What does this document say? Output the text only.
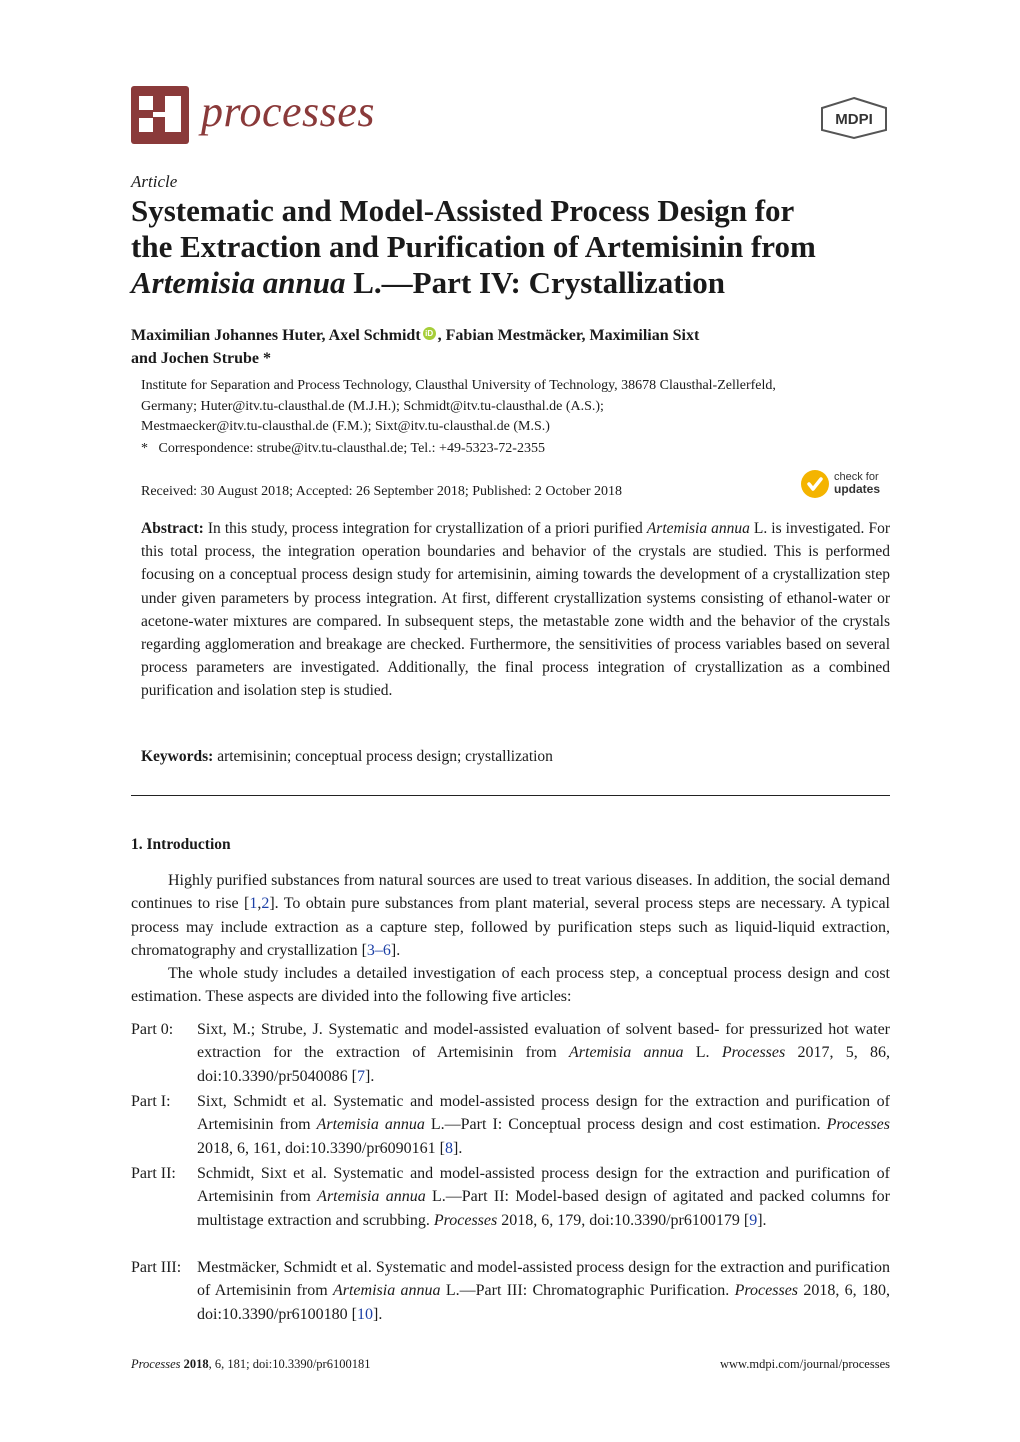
processes	MDPI
Article
Systematic and Model-Assisted Process Design for
the Extraction and Purification of Artemisinin from
Artemisia annua L.—Part IV: Crystallization
Maximilian Johannes Huter, Axel Schmidt iD , Fabian Mestmäcker, Maximilian Sixt
and Jochen Strube *
Institute for Separation and Process Technology, Clausthal University of Technology, 38678 Clausthal-Zellerfeld,
Germany; Huter@itv.tu-clausthal.de (M.J.H.); Schmidt@itv.tu-clausthal.de (A.S.);
Mestmaecker@itv.tu-clausthal.de (F.M.); Sixt@itv.tu-clausthal.de (M.S.)
*   Correspondence: strube@itv.tu-clausthal.de; Tel.: +49-5323-72-2355
Received: 30 August 2018; Accepted: 26 September 2018; Published: 2 October 2018
check for
updates
Abstract: In this study, process integration for crystallization of a priori purified Artemisia annua L. is investigated. For this total process, the integration operation boundaries and behavior of the crystals are studied. This is performed focusing on a conceptual process design study for artemisinin, aiming towards the development of a crystallization step under given parameters by process integration. At first, different crystallization systems consisting of ethanol-water or acetone-water mixtures are compared. In subsequent steps, the metastable zone width and the behavior of the crystals regarding agglomeration and breakage are checked. Furthermore, the sensitivities of process variables based on several process parameters are investigated. Additionally, the final process integration of crystallization as a combined purification and isolation step is studied.
Keywords: artemisinin; conceptual process design; crystallization
1. Introduction
Highly purified substances from natural sources are used to treat various diseases. In addition, the social demand continues to rise [1,2]. To obtain pure substances from plant material, several process steps are necessary. A typical process may include extraction as a capture step, followed by purification steps such as liquid-liquid extraction, chromatography and crystallization [3–6].
The whole study includes a detailed investigation of each process step, a conceptual process design and cost estimation. These aspects are divided into the following five articles:
Part 0:	Sixt, M.; Strube, J. Systematic and model-assisted evaluation of solvent based- for pressurized hot water extraction for the extraction of Artemisinin from Artemisia annua L. Processes 2017, 5, 86, doi:10.3390/pr5040086 [7].
Part I:	Sixt, Schmidt et al. Systematic and model-assisted process design for the extraction and purification of Artemisinin from Artemisia annua L.—Part I: Conceptual process design and cost estimation. Processes 2018, 6, 161, doi:10.3390/pr6090161 [8].
Part II:	Schmidt, Sixt et al. Systematic and model-assisted process design for the extraction and purification of Artemisinin from Artemisia annua L.—Part II: Model-based design of agitated and packed columns for multistage extraction and scrubbing. Processes 2018, 6, 179, doi:10.3390/pr6100179 [9].
Part III: Mestmäcker, Schmidt et al. Systematic and model-assisted process design for the extraction and purification of Artemisinin from Artemisia annua L.—Part III: Chromatographic Purification. Processes 2018, 6, 180, doi:10.3390/pr6100180 [10].
Processes 2018, 6, 181; doi:10.3390/pr6100181	www.mdpi.com/journal/processes
